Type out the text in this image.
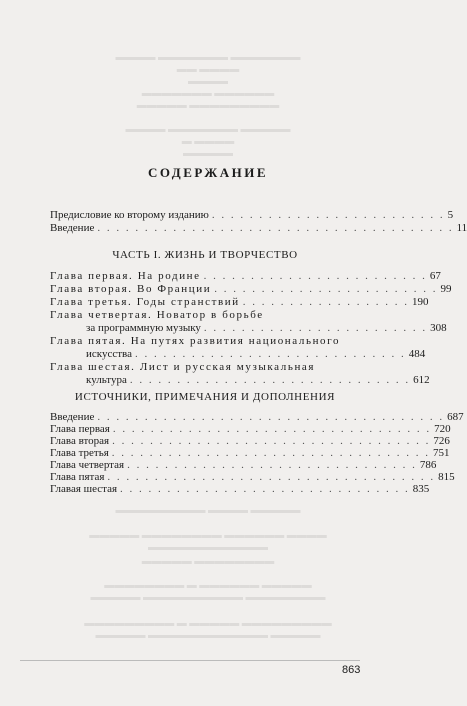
▬▬▬▬ ▬▬▬▬▬▬▬ ▬▬▬▬▬▬▬
▬▬ ▬▬▬▬
▬▬▬▬
▬▬▬▬▬▬▬ ▬▬▬▬▬▬
▬▬▬▬▬ ▬▬▬▬▬▬▬▬▬
▬▬▬▬ ▬▬▬▬▬▬▬ ▬▬▬▬▬
▬ ▬▬▬▬
▬▬▬▬▬
▬▬▬▬▬▬▬▬▬ ▬▬▬▬ ▬▬▬▬▬
▬▬▬▬▬ ▬▬▬▬▬▬▬▬ ▬▬▬▬▬▬ ▬▬▬▬
▬▬▬▬▬▬▬▬▬▬▬▬
▬▬▬▬▬ ▬▬▬▬▬▬▬▬
▬▬▬▬▬▬▬▬ ▬ ▬▬▬▬▬▬ ▬▬▬▬▬
▬▬▬▬▬ ▬▬▬▬▬▬▬▬▬▬ ▬▬▬▬▬▬▬▬
▬▬▬▬▬▬▬▬▬ ▬ ▬▬▬▬▬ ▬▬▬▬▬▬▬▬▬
▬▬▬▬▬ ▬▬▬▬▬▬▬▬▬▬▬▬ ▬▬▬▬▬
СОДЕРЖАНИЕ
Предисловие ко второму изданию . . . . . . . . . . . . . . . . . . . . . . . . . 5
Введение . . . . . . . . . . . . . . . . . . . . . . . . . . . . . . . . . . . . . . 11
ЧАСТЬ I. ЖИЗНЬ И ТВОРЧЕСТВО
Глава первая. На родине . . . . . . . . . . . . . . . . . . . . . . . . 67
Глава вторая. Во Франции . . . . . . . . . . . . . . . . . . . . . . . . 99
Глава третья. Годы странствий . . . . . . . . . . . . . . . . . . 190
Глава четвертая. Новатор в борьбе
за программную музыку . . . . . . . . . . . . . . . . . . . . . . . . 308
Глава пятая. На путях развития национального
искусства . . . . . . . . . . . . . . . . . . . . . . . . . . . . . 484
Глава шестая. Лист и русская музыкальная
культура . . . . . . . . . . . . . . . . . . . . . . . . . . . . . . 612
ИСТОЧНИКИ, ПРИМЕЧАНИЯ И ДОПОЛНЕНИЯ
Введение . . . . . . . . . . . . . . . . . . . . . . . . . . . . . . . . . . . . . 687
Глава первая . . . . . . . . . . . . . . . . . . . . . . . . . . . . . . . . . . 720
Глава вторая . . . . . . . . . . . . . . . . . . . . . . . . . . . . . . . . . . 726
Глава третья . . . . . . . . . . . . . . . . . . . . . . . . . . . . . . . . . . 751
Глава четвертая . . . . . . . . . . . . . . . . . . . . . . . . . . . . . . . 786
Глава пятая . . . . . . . . . . . . . . . . . . . . . . . . . . . . . . . . . . . 815
Главая шестая . . . . . . . . . . . . . . . . . . . . . . . . . . . . . . . 835
863
